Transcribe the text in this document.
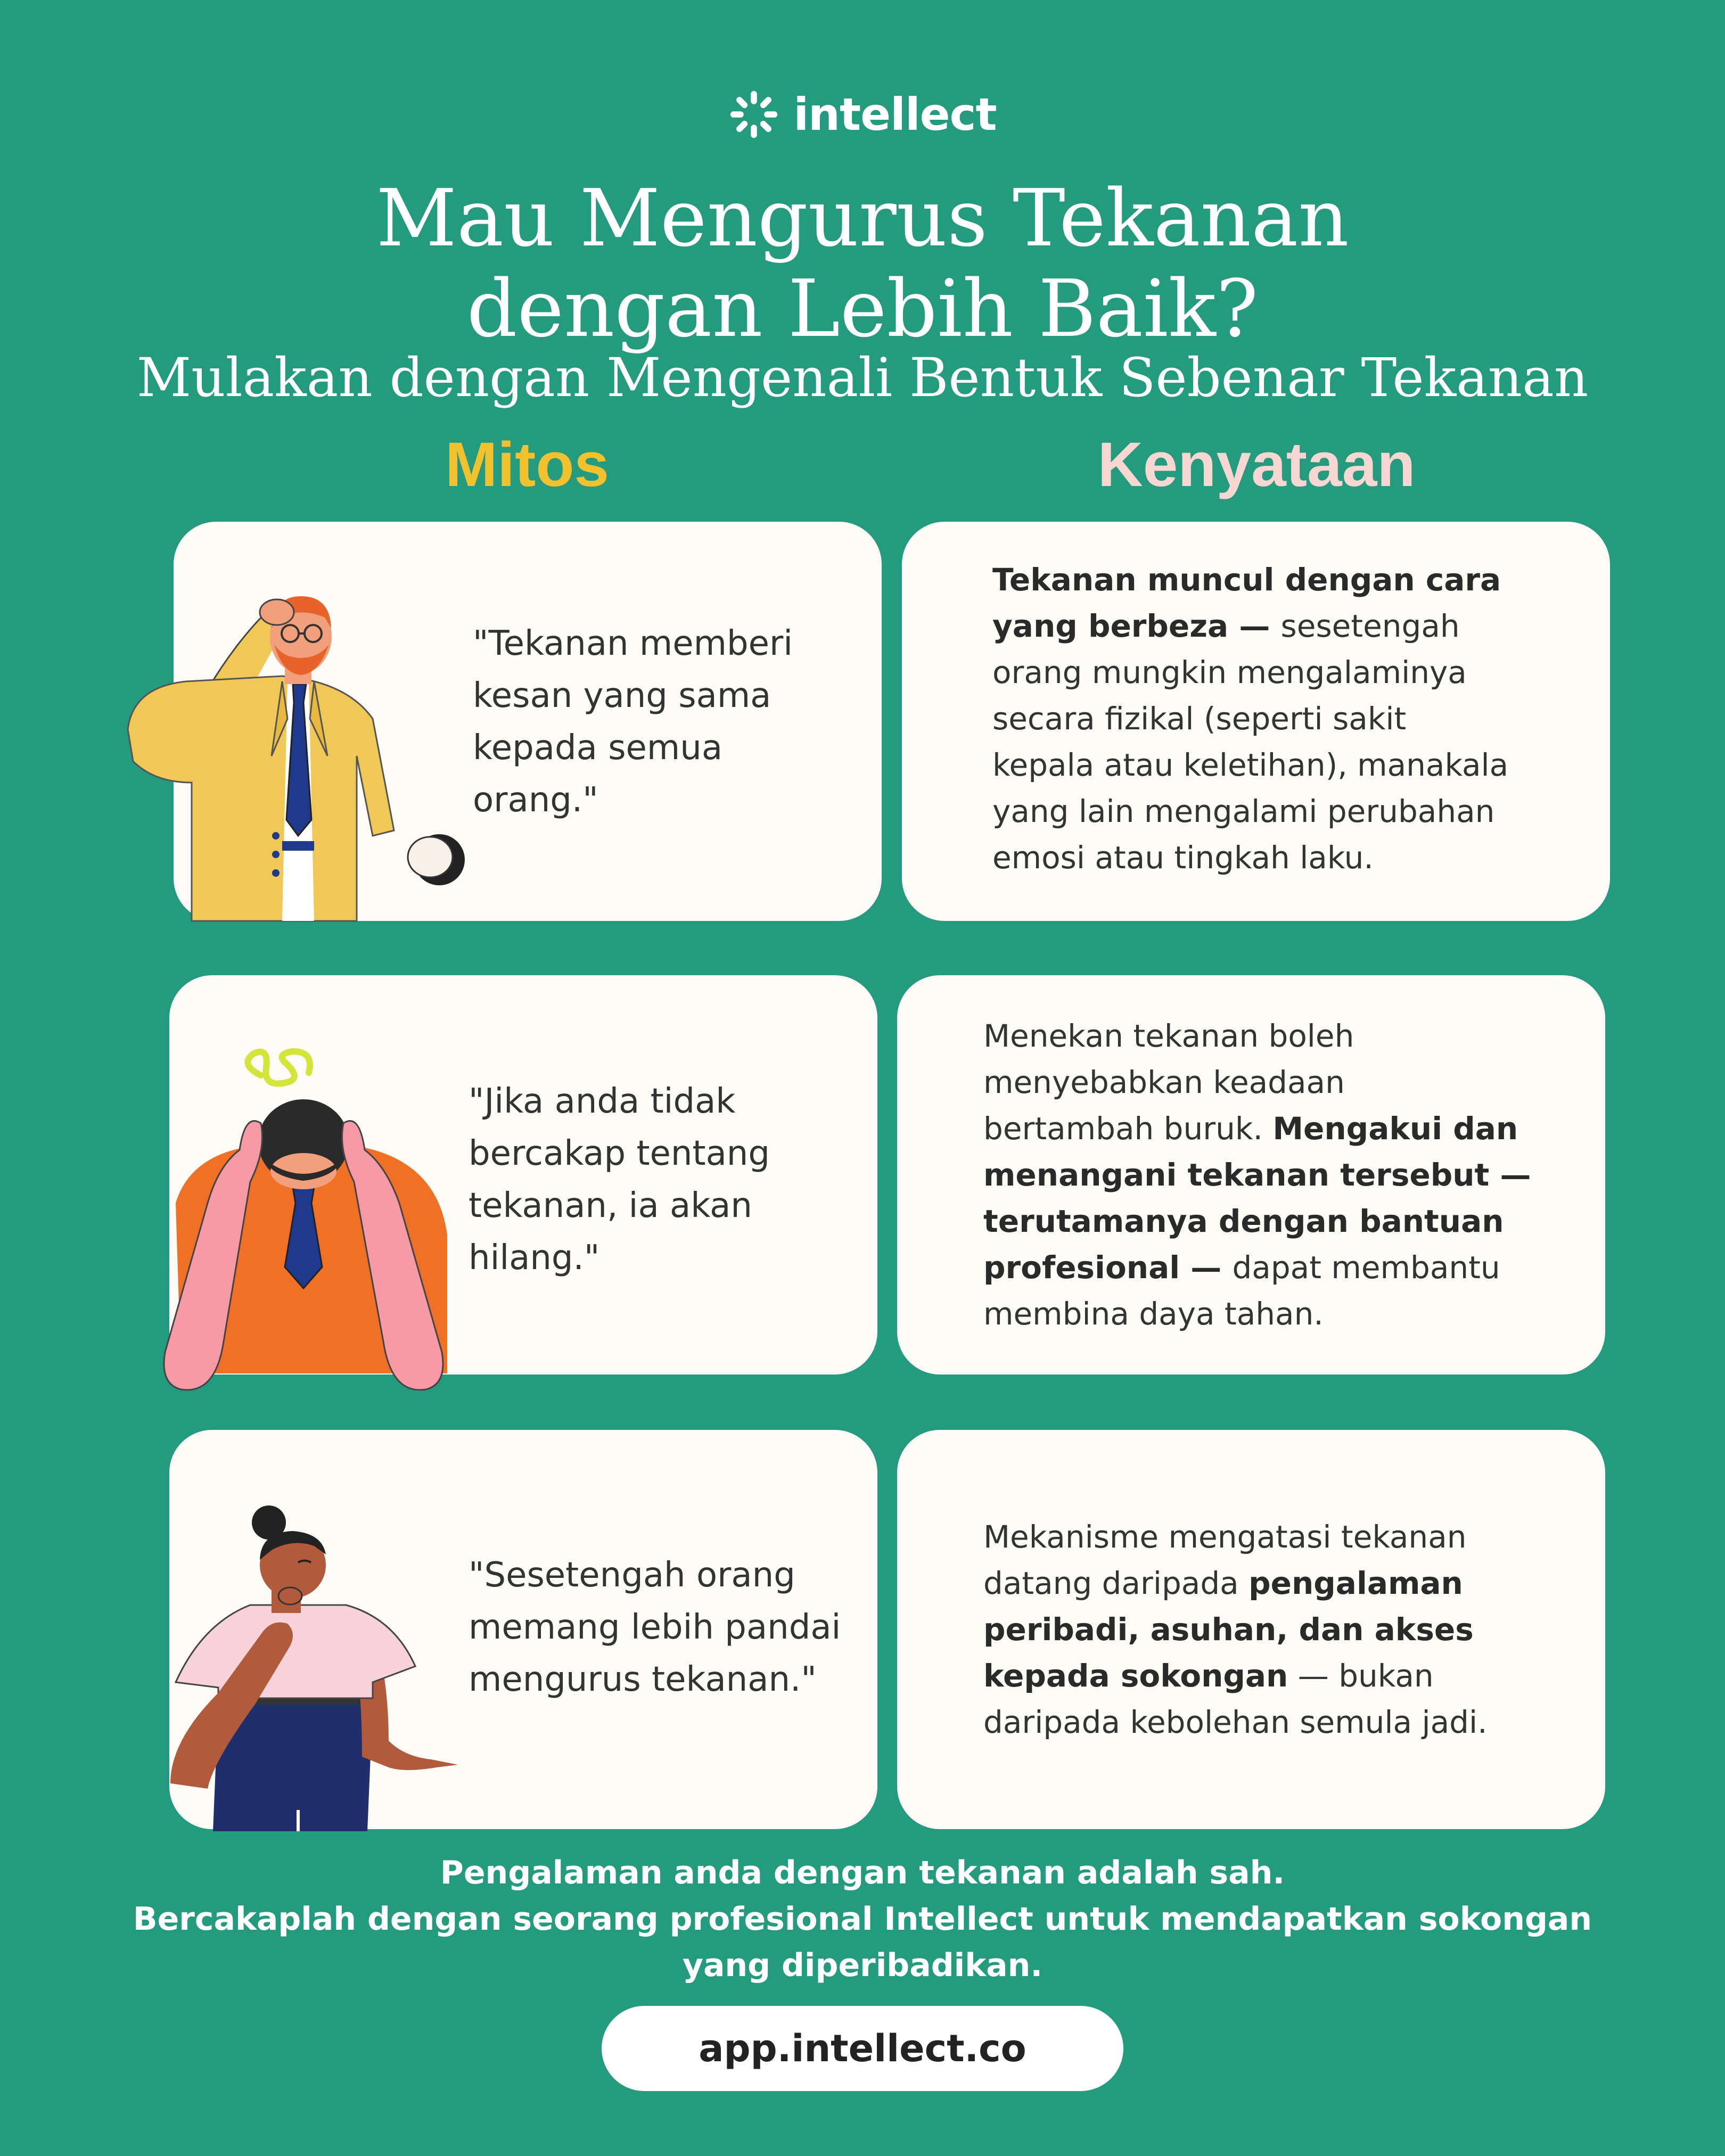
intellect
Mau Mengurus Tekanan
dengan Lebih Baik?
Mulakan dengan Mengenali Bentuk Sebenar Tekanan
Mitos	Kenyataan
"Tekanan memberi
kesan yang sama
kepada semua
orang."
"Jika anda tidak
bercakap tentang
tekanan, ia akan
hilang."
"Sesetengah orang
memang lebih pandai
mengurus tekanan."
Tekanan muncul dengan cara
yang berbeza — sesetengah
orang mungkin mengalaminya
secara fizikal (seperti sakit
kepala atau keletihan), manakala
yang lain mengalami perubahan
emosi atau tingkah laku.
Menekan tekanan boleh
menyebabkan keadaan
bertambah buruk. Mengakui dan
menangani tekanan tersebut —
terutamanya dengan bantuan
profesional — dapat membantu
membina daya tahan.
Mekanisme mengatasi tekanan
datang daripada pengalaman
peribadi, asuhan, dan akses
kepada sokongan — bukan
daripada kebolehan semula jadi.
Pengalaman anda dengan tekanan adalah sah.
Bercakaplah dengan seorang profesional Intellect untuk mendapatkan sokongan
yang diperibadikan.
app.intellect.co
